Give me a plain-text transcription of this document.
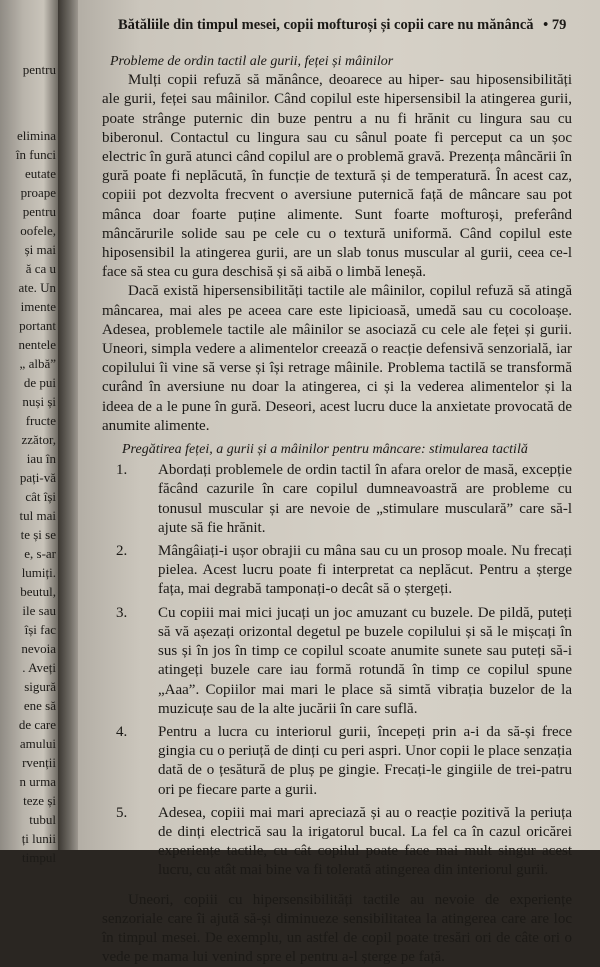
pentru
elimina
în funci
eutate
proape
pentru
oofele,
și mai
ă ca u
ate. Un
imente
portant
nentele
„ albă”
de pui
nuși și
fructe
zzător,
iau în
pați-vă
cât își
tul mai
te și se
e, s-ar
lumiți.
beutul,
ile sau
își fac
nevoia
. Aveți
sigură
ene să
de care
amului
rvenții
n urma
teze și
tubul
ți lunii
timpul
Bătăliile din timpul mesei, copii mofturoși și copii care nu mănâncă • 79

Probleme de ordin tactil ale gurii, feței și mâinilor

Mulți copii refuză să mănânce, deoarece au hiper- sau hiposensibilități ale gurii, feței sau mâinilor. Când copilul este hipersensibil la atingerea gurii, poate strânge puternic din buze pentru a nu fi hrănit cu lingura sau cu biberonul. Contactul cu lingura sau cu sânul poate fi perceput ca un șoc electric în gură atunci când copilul are o problemă gravă. Prezența mâncării în gură poate fi neplăcută, în funcție de textură și de temperatură. În acest caz, copiii pot dezvolta frecvent o aversiune puternică față de mâncare sau pot mânca doar foarte puține alimente. Sunt foarte mofturoși, preferând mâncărurile solide sau pe cele cu o textură uniformă. Când copilul este hiposensibil la atingerea gurii, are un slab tonus muscular al gurii, ceea ce-l face să stea cu gura deschisă și să aibă o limbă leneșă.

Dacă există hipersensibilități tactile ale mâinilor, copilul refuză să atingă mâncarea, mai ales pe aceea care este lipicioasă, umedă sau cu cocoloașe. Adesea, problemele tactile ale mâinilor se asociază cu cele ale feței și gurii. Uneori, simpla vedere a alimentelor creează o reacție defensivă senzorială, iar copilului îi vine să verse și își retrage mâinile. Problema tactilă se transformă curând în aversiune nu doar la atingerea, ci și la vederea alimentelor și la ideea de a le pune în gură. Deseori, acest lucru duce la anxietate provocată de anumite alimente.

Pregătirea feței, a gurii și a mâinilor pentru mâncare: stimularea tactilă

1. Abordați problemele de ordin tactil în afara orelor de masă, excepție făcând cazurile în care copilul dumneavoastră are probleme cu tonusul muscular și are nevoie de „stimulare musculară” care să-l ajute să fie hrănit.
2. Mângâiați-i ușor obrajii cu mâna sau cu un prosop moale. Nu frecați pielea. Acest lucru poate fi interpretat ca neplăcut. Pentru a șterge fața, mai degrabă tamponați-o decât să o ștergeți.
3. Cu copiii mai mici jucați un joc amuzant cu buzele. De pildă, puteți să vă așezați orizontal degetul pe buzele copilului și să le mișcați în sus și în jos în timp ce copilul scoate anumite sunete sau puteți să-i atingeți buzele care iau formă rotundă în timp ce copilul spune „Aaa”. Copiilor mai mari le place să simtă vibrația buzelor de la muzicuțe sau de la alte jucării în care suflă.
4. Pentru a lucra cu interiorul gurii, începeți prin a-i da să-și frece gingia cu o periuță de dinți cu peri aspri. Unor copii le place senzația dată de o țesătură de pluș pe gingie. Frecați-le gingiile de trei-patru ori pe fiecare parte a gurii.
5. Adesea, copiii mai mari apreciază și au o reacție pozitivă la periuța de dinți electrică sau la irigatorul bucal. La fel ca în cazul oricărei experiențe tactile, cu cât copilul poate face mai mult singur acest lucru, cu atât mai bine va fi tolerată atingerea din interiorul gurii.

Uneori, copiii cu hipersensibilități tactile au nevoie de experiențe senzoriale care îi ajută să-și diminueze sensibilitatea la atingerea care are loc în timpul mesei. De exemplu, un astfel de copil poate tresări ori de câte ori o vede pe mama lui venind spre el pentru a-l șterge pe față.
